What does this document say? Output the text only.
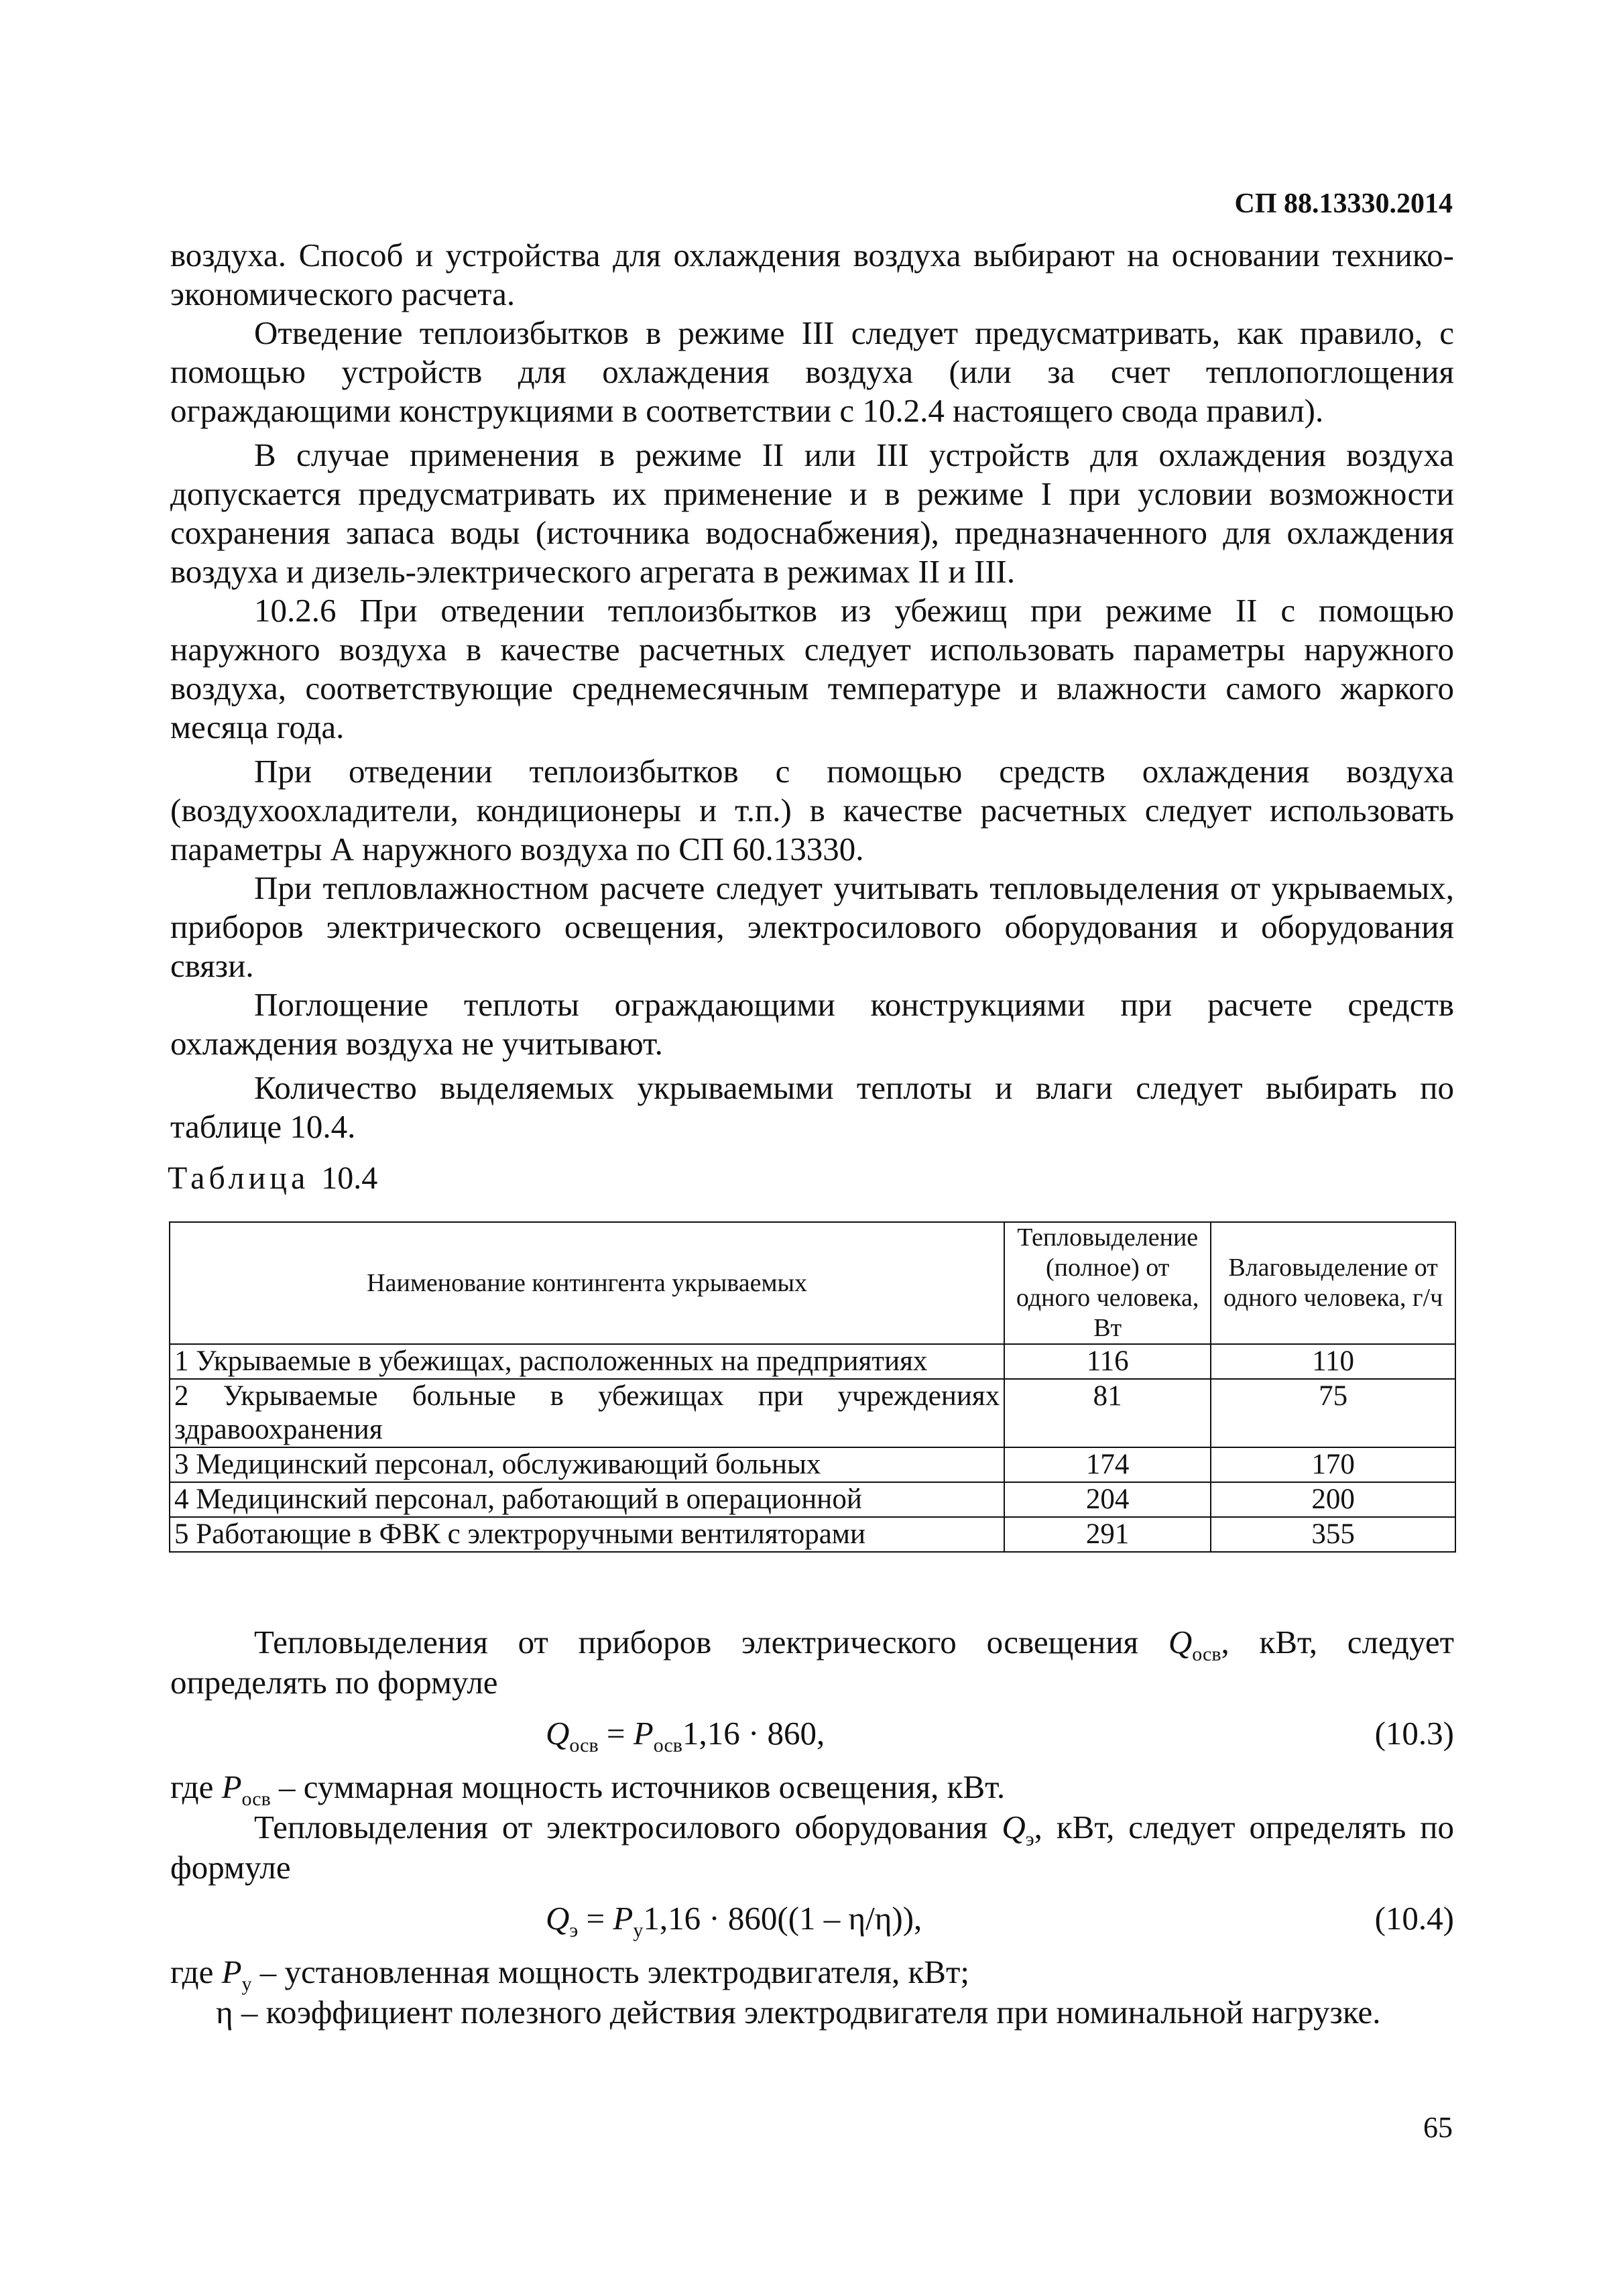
СП 88.13330.2014

воздуха. Способ и устройства для охлаждения воздуха выбирают на основании технико-экономического расчета.

Отведение теплоизбытков в режиме III следует предусматривать, как правило, с помощью устройств для охлаждения воздуха (или за счет теплопоглощения ограждающими конструкциями в соответствии с 10.2.4 настоящего свода правил).

В случае применения в режиме II или III устройств для охлаждения воздуха допускается предусматривать их применение и в режиме I при условии возможности сохранения запаса воды (источника водоснабжения), предназначенного для охлаждения воздуха и дизель-электрического агрегата в режимах II и III.

10.2.6 При отведении теплоизбытков из убежищ при режиме II с помощью наружного воздуха в качестве расчетных следует использовать параметры наружного воздуха, соответствующие среднемесячным температуре и влажности самого жаркого месяца года.

При отведении теплоизбытков с помощью средств охлаждения воздуха (воздухоохладители, кондиционеры и т.п.) в качестве расчетных следует использовать параметры А наружного воздуха по СП 60.13330.

При тепловлажностном расчете следует учитывать тепловыделения от укрываемых, приборов электрического освещения, электросилового оборудования и оборудования связи.

Поглощение теплоты ограждающими конструкциями при расчете средств охлаждения воздуха не учитывают.

Количество выделяемых укрываемыми теплоты и влаги следует выбирать по таблице 10.4.

Таблица 10.4
Наименование контингента укрываемых	Тепловыделение (полное) от одного человека, Вт	Влаговыделение от одного человека, г/ч
1 Укрываемые в убежищах, расположенных на предприятиях	116	110
2 Укрываемые больные в убежищах при учреждениях здравоохранения	81	75
3 Медицинский персонал, обслуживающий больных	174	170
4 Медицинский персонал, работающий в операционной	204	200
5 Работающие в ФВК с электроручными вентиляторами	291	355

Тепловыделения от приборов электрического освещения $Q_{осв}$, кВт, следует определять по формуле

$Q_{осв} = P_{осв}1,16 \cdot 860$,	(10.3)

где $P_{осв}$ – суммарная мощность источников освещения, кВт.

Тепловыделения от электросилового оборудования $Q_э$, кВт, следует определять по формуле

$Q_э = P_у1,16 \cdot 860((1 - \eta/\eta))$,	(10.4)

где $P_у$ – установленная мощность электродвигателя, кВт;

η – коэффициент полезного действия электродвигателя при номинальной нагрузке.

65
